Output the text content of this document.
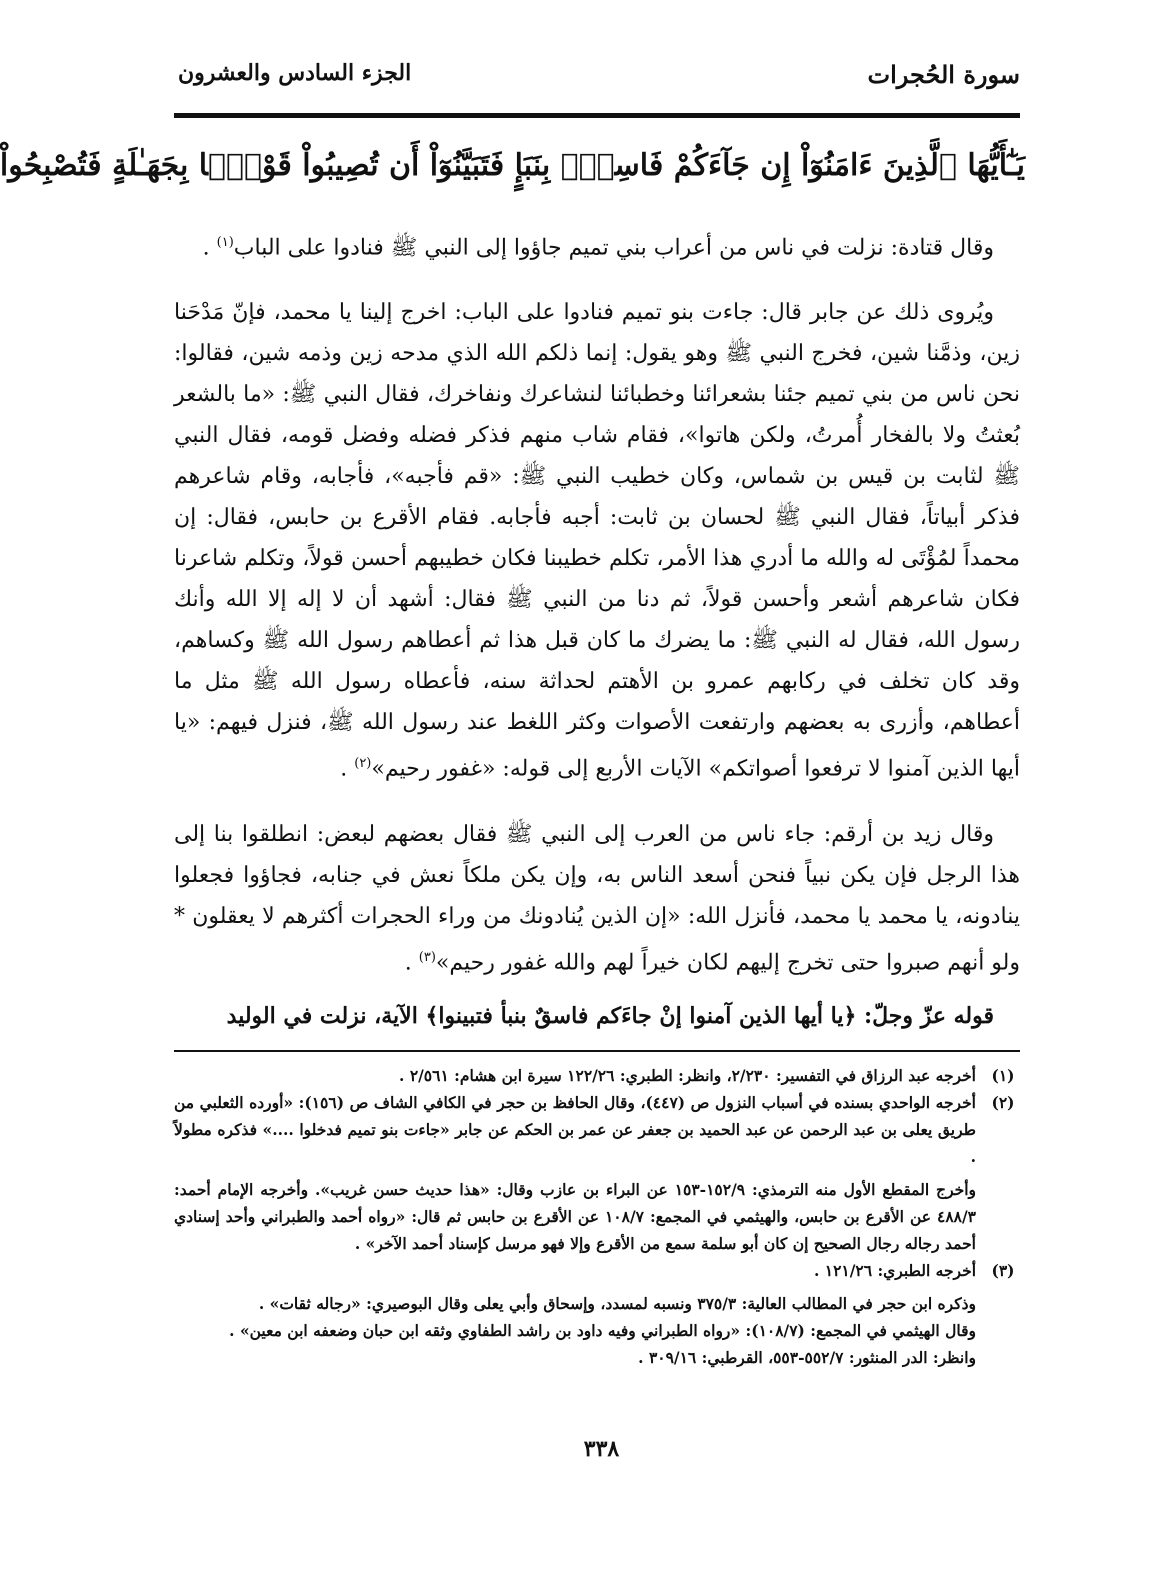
سورة الحُجرات
الجزء السادس والعشرون
يَـٰٓأَيُّهَا ٱلَّذِينَ ءَامَنُوٓاْ إِن جَآءَكُمْ فَاسِقُۢ بِنَبَإٍ فَتَبَيَّنُوٓاْ أَن تُصِيبُواْ قَوْمَۢا بِجَهَـٰلَةٍ فَتُصْبِحُواْ

وقال قتادة: نزلت في ناس من أعراب بني تميم جاؤوا إلى النبي ﷺ فنادوا على الباب$^{(١)}$ .

ويُروى ذلك عن جابر قال: جاءت بنو تميم فنادوا على الباب: اخرج إلينا يا محمد، فإنّ مَدْحَنا زين، وذمَّنا شين، فخرج النبي ﷺ وهو يقول: إنما ذلكم الله الذي مدحه زين وذمه شين، فقالوا: نحن ناس من بني تميم جئنا بشعرائنا وخطبائنا لنشاعرك ونفاخرك، فقال النبي ﷺ: «ما بالشعر بُعثتُ ولا بالفخار أُمرتُ، ولكن هاتوا»، فقام شاب منهم فذكر فضله وفضل قومه، فقال النبي ﷺ لثابت بن قيس بن شماس، وكان خطيب النبي ﷺ: «قم فأجبه»، فأجابه، وقام شاعرهم فذكر أبياتاً، فقال النبي ﷺ لحسان بن ثابت: أجبه فأجابه. فقام الأقرع بن حابس، فقال: إن محمداً لمُؤْتَى له والله ما أدري هذا الأمر، تكلم خطيبنا فكان خطيبهم أحسن قولاً، وتكلم شاعرنا فكان شاعرهم أشعر وأحسن قولاً، ثم دنا من النبي ﷺ فقال: أشهد أن لا إله إلا الله وأنك رسول الله، فقال له النبي ﷺ: ما يضرك ما كان قبل هذا ثم أعطاهم رسول الله ﷺ وكساهم، وقد كان تخلف في ركابهم عمرو بن الأهتم لحداثة سنه، فأعطاه رسول الله ﷺ مثل ما أعطاهم، وأزرى به بعضهم وارتفعت الأصوات وكثر اللغط عند رسول الله ﷺ، فنزل فيهم: «يا أيها الذين آمنوا لا ترفعوا أصواتكم» الآيات الأربع إلى قوله: «غفور رحيم»$^{(٢)}$ .

وقال زيد بن أرقم: جاء ناس من العرب إلى النبي ﷺ فقال بعضهم لبعض: انطلقوا بنا إلى هذا الرجل فإن يكن نبياً فنحن أسعد الناس به، وإن يكن ملكاً نعش في جنابه، فجاؤوا فجعلوا ينادونه، يا محمد يا محمد، فأنزل الله: «إن الذين يُنادونك من وراء الحجرات أكثرهم لا يعقلون * ولو أنهم صبروا حتى تخرج إليهم لكان خيراً لهم والله غفور رحيم»$^{(٣)}$ .

قوله عزّ وجلّ: ﴿يا أيها الذين آمنوا إنْ جاءَكم فاسقٌ بنبأ فتبينوا﴾ الآية، نزلت في الوليد
(١)

أخرجه عبد الرزاق في التفسير: ٢/٢٣٠، وانظر: الطبري: ١٢٢/٢٦ سيرة ابن هشام: ٢/٥٦١ .

(٢)

أخرجه الواحدي بسنده في أسباب النزول ص (٤٤٧)، وقال الحافظ بن حجر في الكافي الشاف ص (١٥٦): «أورده الثعلبي من طريق يعلى بن عبد الرحمن عن عبد الحميد بن جعفر عن عمر بن الحكم عن جابر «جاءت بنو تميم فدخلوا ....» فذكره مطولاً .

وأخرج المقطع الأول منه الترمذي: ١٥٢/٩-١٥٣ عن البراء بن عازب وقال: «هذا حديث حسن غريب». وأخرجه الإمام أحمد: ٤٨٨/٣ عن الأقرع بن حابس، والهيثمي في المجمع: ١٠٨/٧ عن الأقرع بن حابس ثم قال: «رواه أحمد والطبراني وأحد إسنادي أحمد رجاله رجال الصحيح إن كان أبو سلمة سمع من الأقرع وإلا فهو مرسل كإسناد أحمد الآخر» .

(٣)

أخرجه الطبري: ١٢١/٢٦ .

وذكره ابن حجر في المطالب العالية: ٣٧٥/٣ ونسبه لمسدد، وإسحاق وأبي يعلى وقال البوصيري: «رجاله ثقات» .

وقال الهيثمي في المجمع: (١٠٨/٧): «رواه الطبراني وفيه داود بن راشد الطفاوي وثقه ابن حبان وضعفه ابن معين» .

وانظر: الدر المنثور: ٥٥٢/٧-٥٥٣، القرطبي: ٣٠٩/١٦ .

٣٣٨
